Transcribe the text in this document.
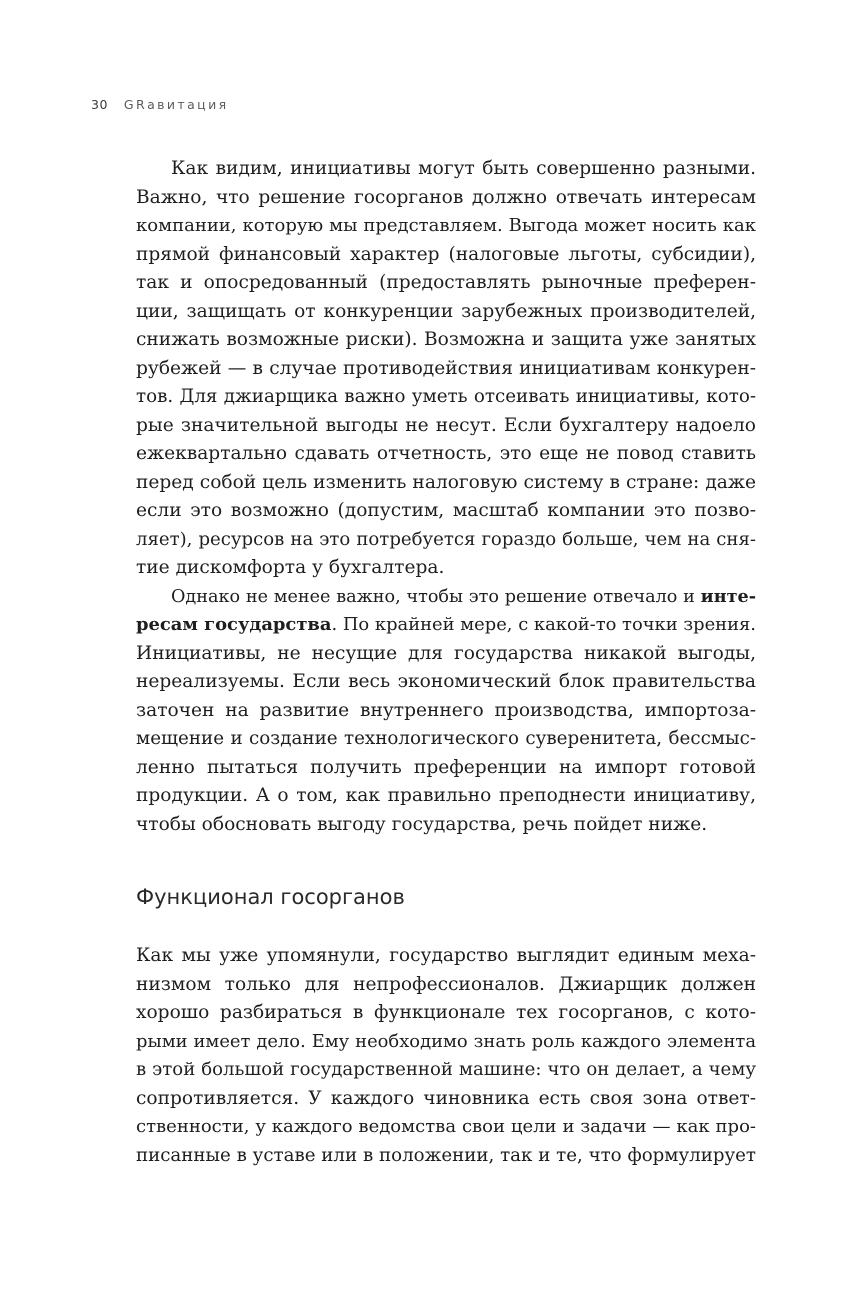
30 GRавитация
Как видим, инициативы могут быть совершенно разными.
Важно, что решение госорганов должно отвечать интересам
компании, которую мы представляем. Выгода может носить как
прямой финансовый характер (налоговые льготы, субсидии),
так и опосредованный (предоставлять рыночные преферен-
ции, защищать от конкуренции зарубежных производителей,
снижать возможные риски). Возможна и защита уже занятых
рубежей — в случае противодействия инициативам конкурен-
тов. Для джиарщика важно уметь отсеивать инициативы, кото-
рые значительной выгоды не несут. Если бухгалтеру надоело
ежеквартально сдавать отчетность, это еще не повод ставить
перед собой цель изменить налоговую систему в стране: даже
если это возможно (допустим, масштаб компании это позво-
ляет), ресурсов на это потребуется гораздо больше, чем на сня-
тие дискомфорта у бухгалтера.
Однако не менее важно, чтобы это решение отвечало и инте-
ресам государства. По крайней мере, с какой-то точки зрения.
Инициативы, не несущие для государства никакой выгоды,
нереализуемы. Если весь экономический блок правительства
заточен на развитие внутреннего производства, импортоза-
мещение и создание технологического суверенитета, бессмыс-
ленно пытаться получить преференции на импорт готовой
продукции. А о том, как правильно преподнести инициативу,
чтобы обосновать выгоду государства, речь пойдет ниже.
Функционал госорганов
Как мы уже упомянули, государство выглядит единым меха-
низмом только для непрофессионалов. Джиарщик должен
хорошо разбираться в функционале тех госорганов, с кото-
рыми имеет дело. Ему необходимо знать роль каждого элемента
в этой большой государственной машине: что он делает, а чему
сопротивляется. У каждого чиновника есть своя зона ответ-
ственности, у каждого ведомства свои цели и задачи — как про-
писанные в уставе или в положении, так и те, что формулирует
